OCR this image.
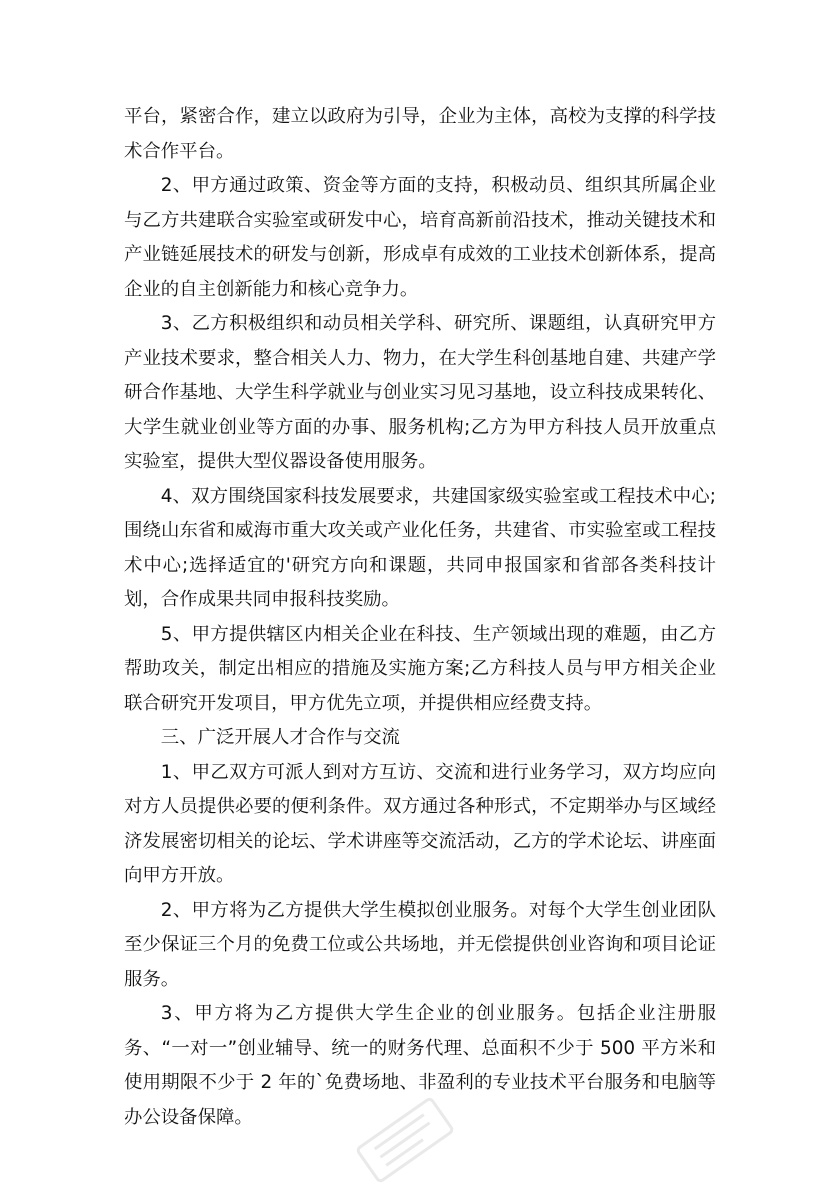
平台，紧密合作，建立以政府为引导，企业为主体，高校为支撑的科学技术合作平台。

2、甲方通过政策、资金等方面的支持，积极动员、组织其所属企业与乙方共建联合实验室或研发中心，培育高新前沿技术，推动关键技术和产业链延展技术的研发与创新，形成卓有成效的工业技术创新体系，提高企业的自主创新能力和核心竞争力。

3、乙方积极组织和动员相关学科、研究所、课题组，认真研究甲方产业技术要求，整合相关人力、物力，在大学生科创基地自建、共建产学研合作基地、大学生科学就业与创业实习见习基地，设立科技成果转化、大学生就业创业等方面的办事、服务机构;乙方为甲方科技人员开放重点实验室，提供大型仪器设备使用服务。

4、双方围绕国家科技发展要求，共建国家级实验室或工程技术中心;围绕山东省和威海市重大攻关或产业化任务，共建省、市实验室或工程技术中心;选择适宜的'研究方向和课题，共同申报国家和省部各类科技计划，合作成果共同申报科技奖励。

5、甲方提供辖区内相关企业在科技、生产领域出现的难题，由乙方帮助攻关，制定出相应的措施及实施方案;乙方科技人员与甲方相关企业联合研究开发项目，甲方优先立项，并提供相应经费支持。

三、广泛开展人才合作与交流

1、甲乙双方可派人到对方互访、交流和进行业务学习，双方均应向对方人员提供必要的便利条件。双方通过各种形式，不定期举办与区域经济发展密切相关的论坛、学术讲座等交流活动，乙方的学术论坛、讲座面向甲方开放。

2、甲方将为乙方提供大学生模拟创业服务。对每个大学生创业团队至少保证三个月的免费工位或公共场地，并无偿提供创业咨询和项目论证服务。

3、甲方将为乙方提供大学生企业的创业服务。包括企业注册服务、“一对一”创业辅导、统一的财务代理、总面积不少于 500 平方米和使用期限不少于 2 年的`免费场地、非盈利的专业技术平台服务和电脑等办公设备保障。
